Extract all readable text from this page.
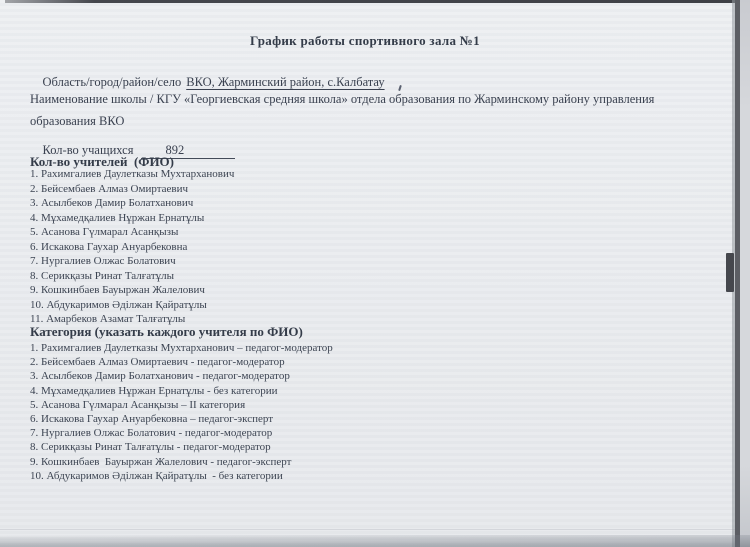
График работы спортивного зала №1

Область/город/район/село ВКО, Жарминский район, с.Калбатау

Наименование школы / КГУ «Георгиевская средняя школа» отдела образования по Жарминскому району управления
образования ВКО

Кол-во учащихся	892

Кол-во учителей  (ФИО)
1. Рахимгалиев Даулетказы Мухтарханович
2. Бейсембаев Алмаз Омиртаевич
3. Асылбеков Дамир Болатханович
4. Мұхамедқалиев Нұржан Ернатұлы
5. Асанова Гүлмарал Асанқызы
6. Искакова Гаухар Ануарбековна
7. Нургалиев Олжас Болатович
8. Серикқазы Ринат Талғатұлы
9. Кошкинбаев Бауыржан Жалелович
10. Абдукаримов Әділжан Қайратұлы
11. Амарбеков Азамат Талғатұлы
Категория (указать каждого учителя по ФИО)
1. Рахимгалиев Даулетказы Мухтарханович – педагог-модератор
2. Бейсембаев Алмаз Омиртаевич - педагог-модератор
3. Асылбеков Дамир Болатханович - педагог-модератор
4. Мұхамедқалиев Нұржан Ернатұлы - без категории
5. Асанова Гүлмарал Асанқызы – II категория
6. Искакова Гаухар Ануарбековна – педагог-эксперт
7. Нургалиев Олжас Болатович - педагог-модератор
8. Серикқазы Ринат Талғатұлы - педагог-модератор
9. Кошкинбаев  Бауыржан Жалелович - педагог-эксперт
10. Абдукаримов Әділжан Қайратұлы  - без категории
